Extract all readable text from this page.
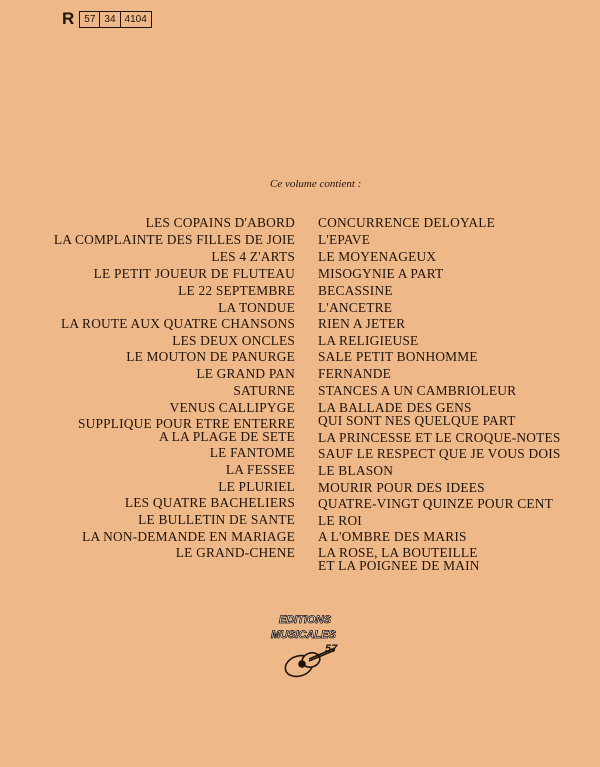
R	57 34 4104
Ce volume contient :
LES COPAINS D'ABORD
LA COMPLAINTE DES FILLES DE JOIE
LES 4 Z'ARTS
LE PETIT JOUEUR DE FLUTEAU
LE 22 SEPTEMBRE
LA TONDUE
LA ROUTE AUX QUATRE CHANSONS
LES DEUX ONCLES
LE MOUTON DE PANURGE
LE GRAND PAN
SATURNE
VENUS CALLIPYGE
SUPPLIQUE POUR ETRE ENTERRE
A LA PLAGE DE SETE
LE FANTOME
LA FESSEE
LE PLURIEL
LES QUATRE BACHELIERS
LE BULLETIN DE SANTE
LA NON-DEMANDE EN MARIAGE
LE GRAND-CHENE
CONCURRENCE DELOYALE
L'EPAVE
LE MOYENAGEUX
MISOGYNIE A PART
BECASSINE
L'ANCETRE
RIEN A JETER
LA RELIGIEUSE
SALE PETIT BONHOMME
FERNANDE
STANCES A UN CAMBRIOLEUR
LA BALLADE DES GENS
QUI SONT NES QUELQUE PART
LA PRINCESSE ET LE CROQUE-NOTES
SAUF LE RESPECT QUE JE VOUS DOIS
LE BLASON
MOURIR POUR DES IDEES
QUATRE-VINGT QUINZE POUR CENT
LE ROI
A L'OMBRE DES MARIS
LA ROSE, LA BOUTEILLE
ET LA POIGNEE DE MAIN
EDITIONS
MUSICALES
57
